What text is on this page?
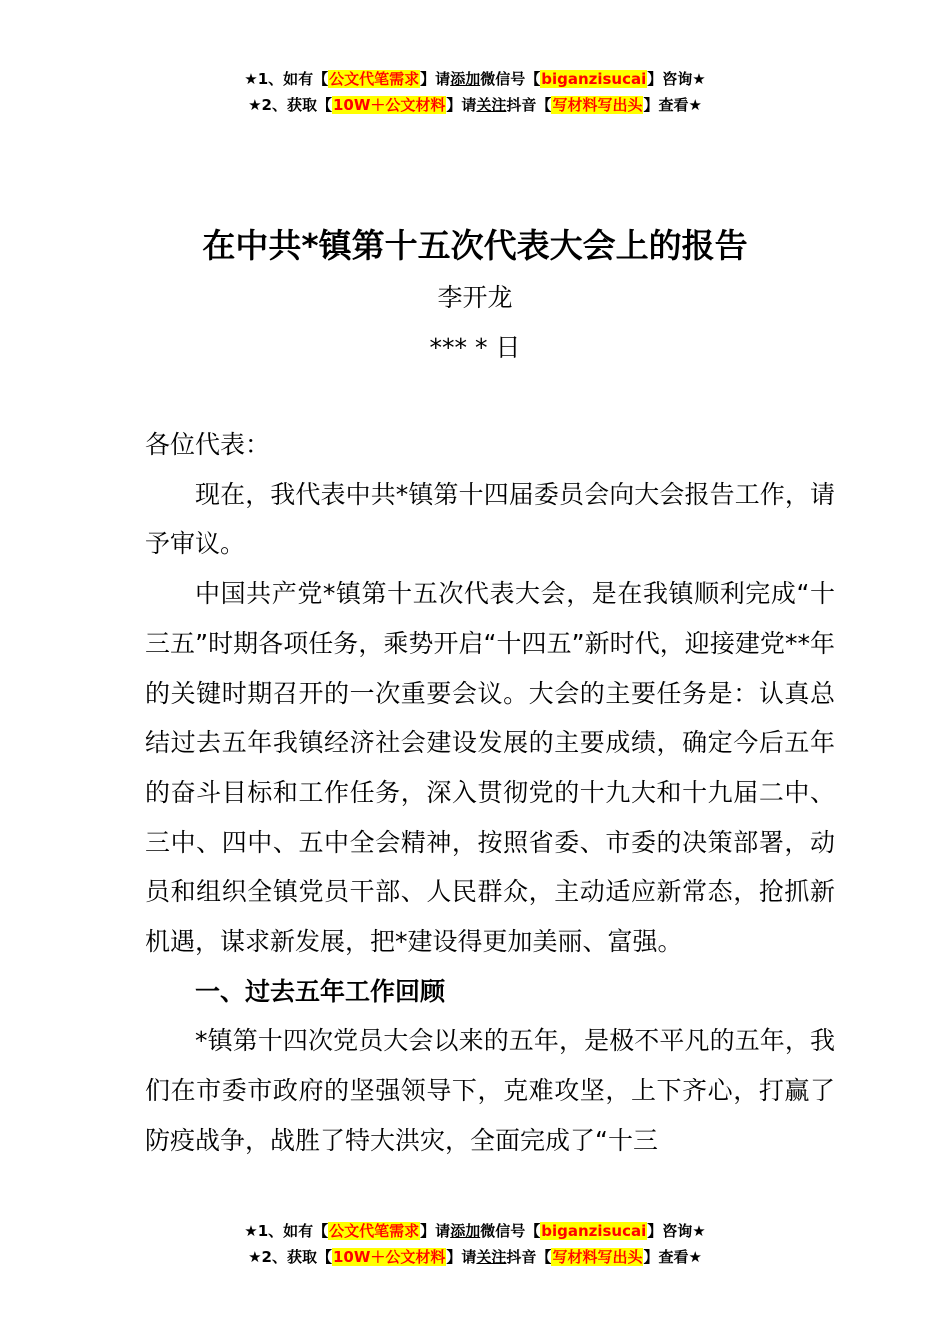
★1、如有【公文代笔需求】请添加微信号【biganzisucai】咨询★
★2、获取【10W＋公文材料】请关注抖音【写材料写出头】查看★
在中共*镇第十五次代表大会上的报告
李开龙
*** * 日

各位代表：

现在，我代表中共*镇第十四届委员会向大会报告工作，请予审议。

中国共产党*镇第十五次代表大会，是在我镇顺利完成“十三五”时期各项任务，乘势开启“十四五”新时代，迎接建党**年的关键时期召开的一次重要会议。大会的主要任务是：认真总结过去五年我镇经济社会建设发展的主要成绩，确定今后五年的奋斗目标和工作任务，深入贯彻党的十九大和十九届二中、三中、四中、五中全会精神，按照省委、市委的决策部署，动员和组织全镇党员干部、人民群众，主动适应新常态，抢抓新机遇，谋求新发展，把*建设得更加美丽、富强。

一、过去五年工作回顾

*镇第十四次党员大会以来的五年，是极不平凡的五年，我们在市委市政府的坚强领导下，克难攻坚，上下齐心，打赢了防疫战争，战胜了特大洪灾，全面完成了“十三

★1、如有【公文代笔需求】请添加微信号【biganzisucai】咨询★
★2、获取【10W＋公文材料】请关注抖音【写材料写出头】查看★
